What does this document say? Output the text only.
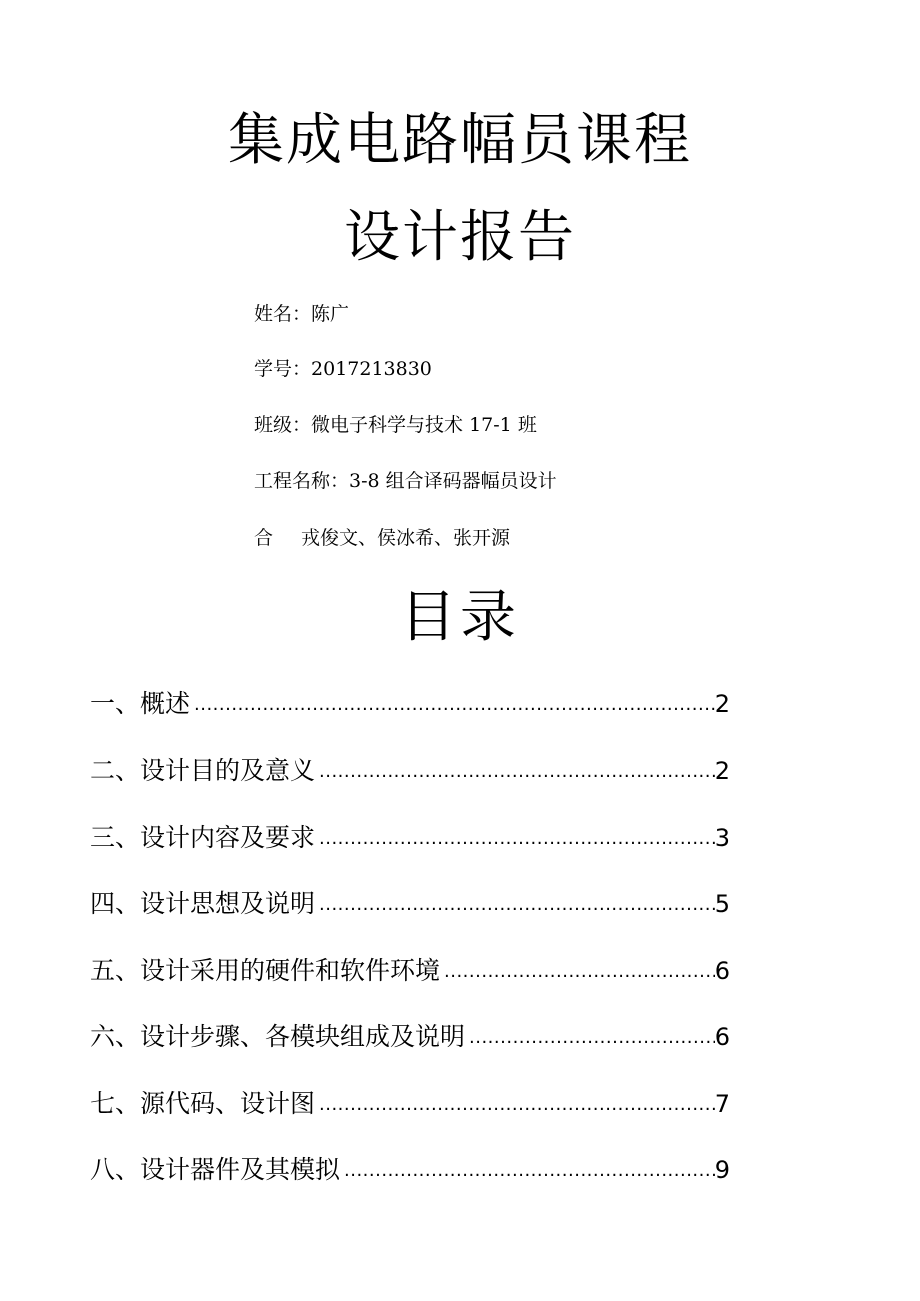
集成电路幅员课程
设计报告
姓名：陈广
学号：2017213830
班级：微电子科学与技术 17-1 班
工程名称：3-8 组合译码器幅员设计
合 戎俊文、侯冰希、张开源
目录
一、概述 .....	2
二、设计目的及意义 .....	2
三、设计内容及要求 .....	3
四、设计思想及说明 .....	5
五、设计采用的硬件和软件环境 .....	6
六、设计步骤、各模块组成及说明 .....	6
七、源代码、设计图 .....	7
八、设计器件及其模拟 .....	9
